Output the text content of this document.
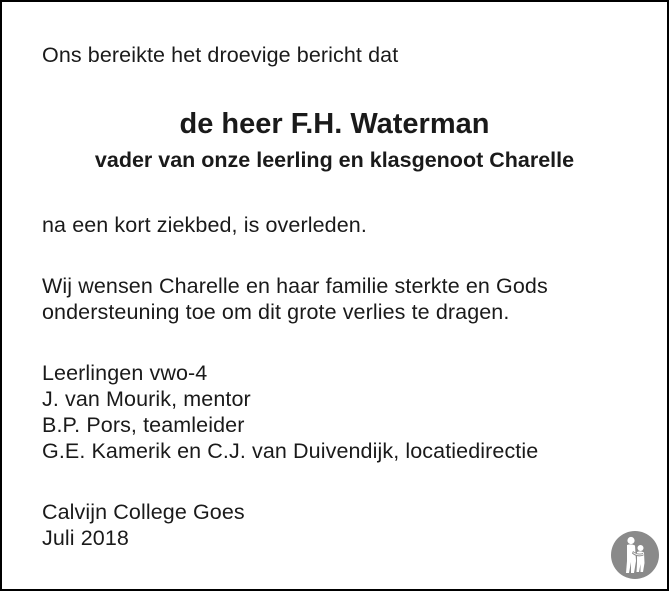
Ons bereikte het droevige bericht dat

de heer F.H. Waterman

vader van onze leerling en klasgenoot Charelle

na een kort ziekbed, is overleden.

Wij wensen Charelle en haar familie sterkte en Gods

ondersteuning toe om dit grote verlies te dragen.

Leerlingen vwo-4

J. van Mourik, mentor

B.P. Pors, teamleider

G.E. Kamerik en C.J. van Duivendijk, locatiedirectie

Calvijn College Goes

Juli 2018
